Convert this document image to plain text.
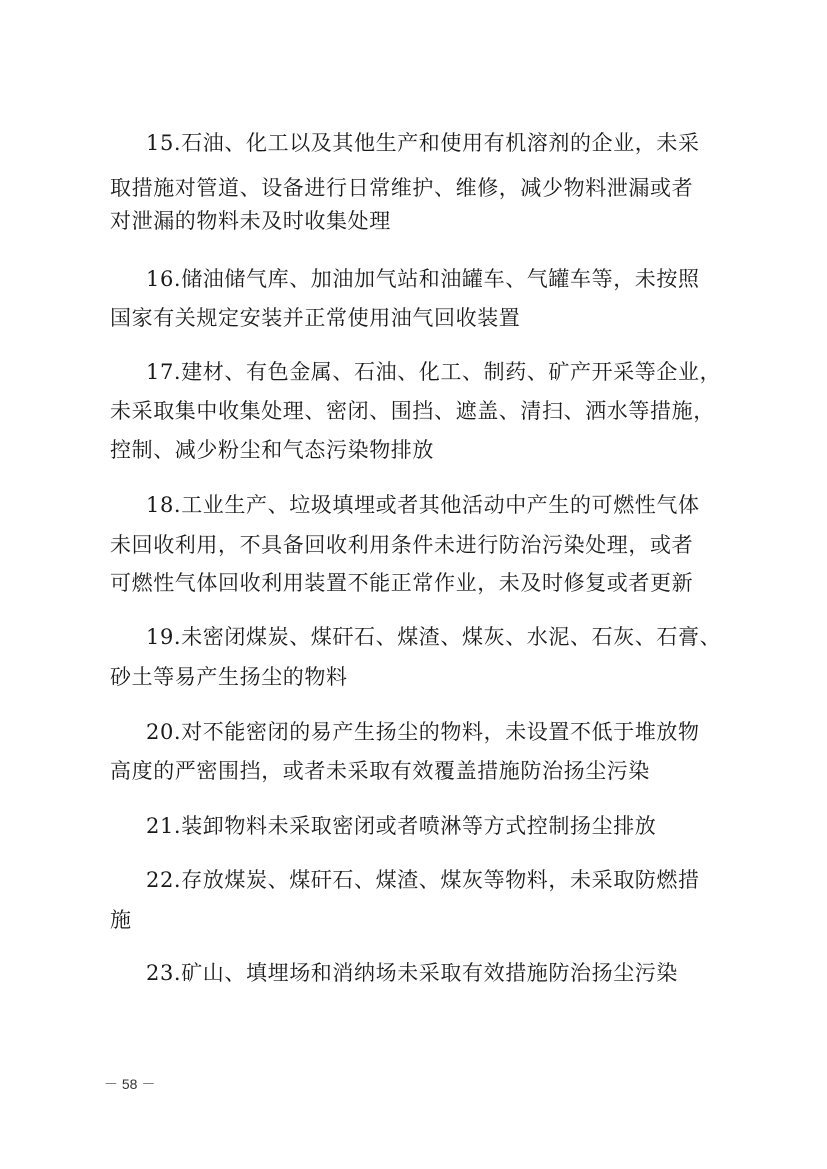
15.石油、化工以及其他生产和使用有机溶剂的企业，未采
取措施对管道、设备进行日常维护、维修，减少物料泄漏或者
对泄漏的物料未及时收集处理
16.储油储气库、加油加气站和油罐车、气罐车等，未按照
国家有关规定安装并正常使用油气回收装置
17.建材、有色金属、石油、化工、制药、矿产开采等企业，
未采取集中收集处理、密闭、围挡、遮盖、清扫、洒水等措施，
控制、减少粉尘和气态污染物排放
18.工业生产、垃圾填埋或者其他活动中产生的可燃性气体
未回收利用，不具备回收利用条件未进行防治污染处理，或者
可燃性气体回收利用装置不能正常作业，未及时修复或者更新
19.未密闭煤炭、煤矸石、煤渣、煤灰、水泥、石灰、石膏、
砂土等易产生扬尘的物料
20.对不能密闭的易产生扬尘的物料，未设置不低于堆放物
高度的严密围挡，或者未采取有效覆盖措施防治扬尘污染
21.装卸物料未采取密闭或者喷淋等方式控制扬尘排放
22.存放煤炭、煤矸石、煤渣、煤灰等物料，未采取防燃措
施
23.矿山、填埋场和消纳场未采取有效措施防治扬尘污染
－ 58 －
